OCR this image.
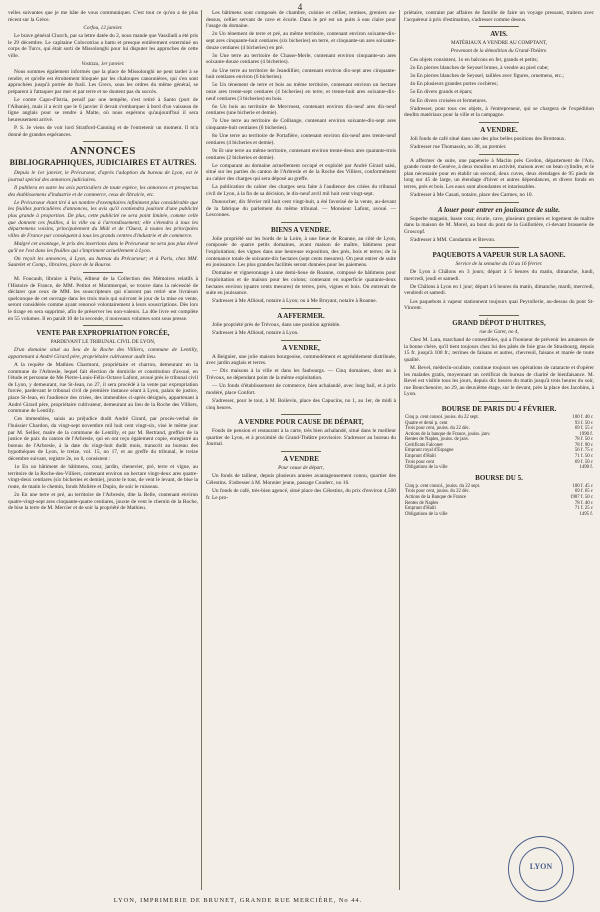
4

velles suivantes que je me hâte de vous communiquer. C'est tout ce qu'on a de plus récent sur la Grèce.

Corfou, 12 janvier.

Le brave général Church, par sa lettre datée du 2, nous mande que Vassiladi a été pris le 29 décembre. Le capitaine Colocotrias a battu et presque entièrement exterminé un corps de Turcs, qui était sorti de Missolonghi pour lui disputer les approches de cette ville.

Vostizza, 1er janvier.

Nous sommes également informés que la place de Missolonghi ne peut tarder à se rendre, et qu'elle est étroitement bloquée par les chaloupes canonnières, qui s'en sont approchées jusqu'à portée de fusil. Les Grecs, sous les ordres du même général, se préparent à l'attaquer par mer et par terre et ne doutent pas du succès.

Le comte Capo-d'Istria, pensif par une tempête, s'est retiré à Santo (port de l'Albanie), mais il a écrit que le 6 janvier il devait s'embarquer à bord d'un vaisseau de ligne anglais pour se rendre à Malte, où nous espérons qu'aujourd'hui il sera heureusement arrivé.

P. S. Je viens de voir lord Stratford-Canning et de l'entretenir un moment. Il m'a donné de grandes espérances.

ANNONCES
BIBLIOGRAPHIQUES, JUDICIAIRES ET AUTRES.

Depuis le 1er janvier, le Précurseur, d'après l'adoption du bureau de Lyon, est le journal spécial des annonces judiciaires.

Il publiera en outre les avis particuliers de toute espèce, les annonces et prospectus des établissemens d'industrie et de commerce, ceux de librairie, etc.

Le Précurseur étant tiré à un nombre d'exemplaires infiniment plus considérable que les feuilles particulières d'annonces, les avis qu'il contiendra jouiront d'une publicité plus grande à proportion. De plus, cette publicité ne sera point limitée, comme celle que donnent ces feuilles, à la ville ou à l'arrondissement; elle s'étendra à tous les départemens voisins, principalement du Midi et de l'Ouest, à toutes les principales villes de France par conséquent à tous les grands centres d'industrie et de commerce.

Malgré cet avantage, le prix des insertions dans le Précurseur ne sera pas plus élevé qu'il ne l'est dans les feuilles qui s'impriment actuellement à Lyon.

On reçoit les annonces, à Lyon, au bureau du Précurseur; et à Paris, chez MM. Sautelet et Comp., libraires, place de la Bourse.

M. Foucault, libraire à Paris, éditeur de la Collection des Mémoires relatifs à l'Histoire de France, de MM. Petitot et Montmerqué, se trouve dans la nécessité de déclarer que ceux de MM. les souscripteurs qui n'auront pas retiré une livraison quelconque de cet ouvrage dans les trois mois qui suivront le jour de la mise en vente, seront considérés comme ayant renoncé volontairement à leurs souscriptions. Dès lors le tirage en sera supprimé, afin de préserver les non-valeurs. La 46e livre est complète en 55 volumes. Il en paraît 10 de la seconde, 4 nouveaux volumes sont sous presse.

VENTE PAR EXPROPRIATION FORCÉE,
PARDEVANT LE TRIBUNAL CIVIL DE LYON,

D'un domaine situé au lieu de la Roche des Villiers, commune de Lentilly, appartenant à André Girard père, propriétaire cultivateur audit lieu.

A la requête de Mathieu Charmont, propriétaire et charron, demeurant en la commune de l'Arbresle, lequel fait élection de domicile et constitution d'avoué, en l'étude et personne de Me Pierre-Louis-Félix-Octave Lafont, avoué près le tribunal civil de Lyon, y demeurant, rue St-Jean, no 27, il sera procédé à la vente par expropriation forcée, pardevant le tribunal civil de première instance séant à Lyon, palais de justice, place St-Jean, en l'audience des criées, des immeubles ci-après désignés, appartenant à André Girard père, propriétaire cultivateur, demeurant au lieu de la Roche des Villiers, commune de Lentilly.

Ces immeubles, saisis au préjudice dudit André Girard, par procès-verbal de l'huissier Chardon, du vingt-sept novembre mil huit cent vingt-six, visé le même jour par M. Sellier, maire de la commune de Lentilly, et par M. Bertrand, greffier de la justice de paix du canton de l'Arbresle, qui en ont reçu également copie, enregistré au bureau de l'Arbresle, à la date du vingt-huit dudit mois, transcrit au bureau des hypothèques de Lyon, le treize, vol. 15, no 17, et au greffe du tribunal, le treize décembre suivant, registre 2e, no 6, consistent :

1o En un bâtiment de bâtimens, cour, jardin, chenevier, pré, terre et vigne, au territoire de la Roche-des-Villiers, contenant environ un hectare vingt-deux ares quatre-vingt-deux centiares (six bicheries et demie), jouxte le tout, de vent le levant, de bise la route, de matin le chemin, fonds Molière et Dupin, de soir le ruisseau.

2o En une terre et pré, au territoire de l'Arbresle, dite la Belle, contenant environ quatre-vingt-sept ares cinquante-quatre centiares, jouxte de vent le chemin de la Roche, de bise la terre de M. Mercier et de soir la propriété de Mathieu.

Les bâtimens sont composés de chambre, cuisine et cellier, remises, greniers au-dessus, cellier servant de cave et écurie. Dans le pré est un puits à eau claire pour l'usage du domaine.

2o Un tènement de terre et pré, au même territoire, contenant environ soixante-dix-sept ares cinquante-huit centiares (six bicheries) en terre, et cinquante-un ares soixante-douze centiares (4 bicheries) en pré.

3o Une terre au territoire de Chasse-Merle, contenant environ cinquante-un ares soixante-douze centiares (4 bicheries).

4o Une terre au territoire de Jeandillier, contenant environ dix-sept ares cinquante-huit centiares environ (6 bicheries).

5o Un tènement de terre et bois au même territoire, contenant environ un hectare onze ares trente-sept centiares (4 bicheries) en terre, et trente-huit ares soixante-dix-neuf centiares (3 bicheries) en bois.

6o Un bois au territoire de Mercroest, contenant environ dix-neuf ares dix-neuf centiares (une bicherie et demie).

7o Une terre au territoire de Colliange, contenant environ soixante-dix-sept ares cinquante-huit centiares (6 bicheries).

8o Une terre au territoire de Portafière, contenant environ dix-neuf ares trente-neuf centiares (4 bicheries et demie).

9o Et une terre au même territoire, contenant environ trente-deux ares quarante-trois centiares (2 bicheries et demie).

Le comparant au domaine actuellement occupé et exploité par André Girard saisi, situé sur les parties du canton de l'Arbresle et de la Roche des Villiers, conformément au cahier des charges qui sera déposé au greffe.

La publication du cahier des charges sera faite à l'audience des criées du tribunal civil de Lyon, à la fin de sa décision, le dix-neuf avril mil huit cent vingt-sept.

Dunoucher, dix février mil huit cent vingt-huit, a été favorisé de la vente, au-devant de la fabrique du parlement du même tribunal. — Monsieur Lafont, avoué. — Lesconnes.

BIENS A VENDRE.

Jolie propriété sur les bords de la Loire, à une lieue de Roanne, au côté de Lyon, composée de quatre petits domaines, avant maison de maître, bâtimens pour l'exploitation; des vignes dans une heureuse exposition, des prés, bois et terres; de la contenance totale de soixante-dix hectares (sept cents mesures). On peut entrer de suite en jouissance. Les plus grandes facilités seront données pour les paiemens.

Domaine et vigneronnage à une demi-lieue de Roanne, composé de bâtimens pour l'exploitation et de maison pour les colons; contenant en superficie quarante-deux hectares environ (quatre cents mesures) de terres, prés, vignes et bois. On entrerait de suite en jouissance.

S'adresser à Me Allioud, notaire à Lyon; ou à Me Bruyant, notaire à Roanne.

A AFFERMER.

Jolie propriété près de Trévoux, dans une position agréable.

S'adresser à Me Allioud, notaire à Lyon.

A VENDRE,

A Beignier, une jolie maison bourgeoise, commodément et agréablement distribuée, avec jardin anglais et terres.

— Dix maisons à la ville et dans les faubourgs. — Cinq domaines, dont un à Trévoux, ne dépendant point de la même exploitation.

— Un fonds d'établissement de commerce, bien achalandé, avec long bail, et à prix modéré, place Confort.

S'adresser, pour le tout, à M. Boilevin, place des Capucins, no 1, au 1er, de midi à cinq heures.

A VENDRE POUR CAUSE DE DÉPART,

Fonds de pension et restaurant à la carte, très bien achalandé, situé dans le meilleur quartier de Lyon, et à proximité du Grand-Théâtre provisoire. S'adresser au bureau du Journal.

A VENDRE
Pour cause de départ,

Un fonds de tailleur, depuis plusieurs années avantageusement connu, quartier des Célestins. S'adresser à M. Monnier jeune, passage Couderc, no 16.

Un fonds de café, très-bien agencé, situé place des Célestins, du prix d'environ 4,500 fr. Le pro-

priétaire, contraint par affaires de famille de faire un voyage pressant, traitera avec l'acquéreur à prix d'estimation, s'adresser comme dessus.

AVIS.
MATÉRIAUX A VENDRE AU COMPTANT,
Provenant de la démolition du Grand-Théâtre.

Ces objets consistent, 1o en balcons en fer, grands et petits;

2o En pierres blanches de Seyssel brutes, à vendre au pied cube;

3o En pierres blanches de Seyssel, taillées avec figures, ornemens, etc.;

4o En plusieurs grandes portes cochères;

5o En divers grands et épars;

6o En divers croisées et fermetures.

S'adresser, pour tous ces objets, à l'entrepreneur, qui se chargera de l'expédition desdits matériaux pour la ville et la campagne.

A VENDRE.

Joli fonds de café situé dans une des plus belles positions des Brotteaux.

S'adresser rue Thomassin, no 38, au premier.

A affermer de suite, une papeterie à Maclin près Cerdon, département de l'Ain, grande route de Genève, à deux moulins en activité, maison avec un bean cylindre, et le plan nécessaire pour en établir un second, deux cuves, deux étendages de 95 pieds de long sur 45 de large, un étendage d'hiver et autres dépendances, et divers fonds en terres, prés et bois. Les eaux sont abondantes et intarissables.

S'adresser à Me Casati, notaire, place des Carmes, no 10.

A louer pour entrer en jouissance de suite.

Superbe magasin, basse cour, écurie, cave, plusieurs greniers et logement de maître dans la maison de M. Morel, au bout du pont de la Guillotière, ci-devant brasserie de Groscopf.

S'adresser à MM. Condamin et Brevon.

PAQUEBOTS A VAPEUR SUR LA SAONE.
Service de la semaine du 10 au 16 février.

De Lyon à Châlons en 3 jours; départ à 5 heures du matin, dimanche, lundi, mercredi, jeudi et samedi.

De Châlons à Lyon en 1 jour; départ à 6 heures du matin, dimanche, mardi, mercredi, vendredi et samedi.

Les paquebots à vapeur stationnent toujours quai Peyrollerie, au-dessus du pont St-Vincent.

GRAND DÉPOT D'HUITRES,
rue de Garet, no 4,

Chez M. Lara, marchand de comestibles, qui a l'honneur de prévenir les amateurs de la bonne chère, qu'il tient toujours chez lui des pâtés de foie gras de Strasbourg, depuis 15 fr. jusqu'à 100 fr.; terrines de faisans et autres, chevreuil, faisans et marée de toute qualité.

M. Bevel, médecin-oculiste, continue toujours ses opérations de cataracte et d'opérer les malades gratis, moyennant un certificat du bureau de charité de bienfaisance. M. Bevel est visible tous les jours, depuis dix heures du matin jusqu'à trois heures du soir, rue Bourchenoire, no 29, au deuxième étage, sur le devant, près la place des Jacobins, à Lyon.

BOURSE DE PARIS DU 4 FÉVRIER.
Cinq p. cent consol. jouiss. du 22 sept.	100 f. 40 c
Quatre et demi p. cent	93 f. 50 c
Trois pour cent, jouiss. du 22 déc.	69 f. 55 c
Actions de la banque de France, jouiss. janv.	1990 f.
Rentes de Naples, jouiss. de janv.	78 f. 50 c
Certificats Falconet	78 f. 90 c
Emprunt royal d'Espagne	56 f. 75 c
Emprunt d'Haïti	71 f. 50 c
Trois pour cent	69 f. 50 c
Obligations de la ville	1490 f.
BOURSE DU 5.
Cinq p. cent consol., jouiss. du 22 sept.	100 f. 45 c
Trois pour cent, jouiss. du 22 déc.	69 f. 65 c
Actions de la Banque de France	1987 f. 50 c
Rentes de Naples	78 f. 40 c
Emprunt d'Haïti	71 f. 25 c
Obligations de la ville	1495 f.
LYON, IMPRIMERIE DE BRUNET, GRANDE RUE MERCIÈRE, No 44.
LYON
